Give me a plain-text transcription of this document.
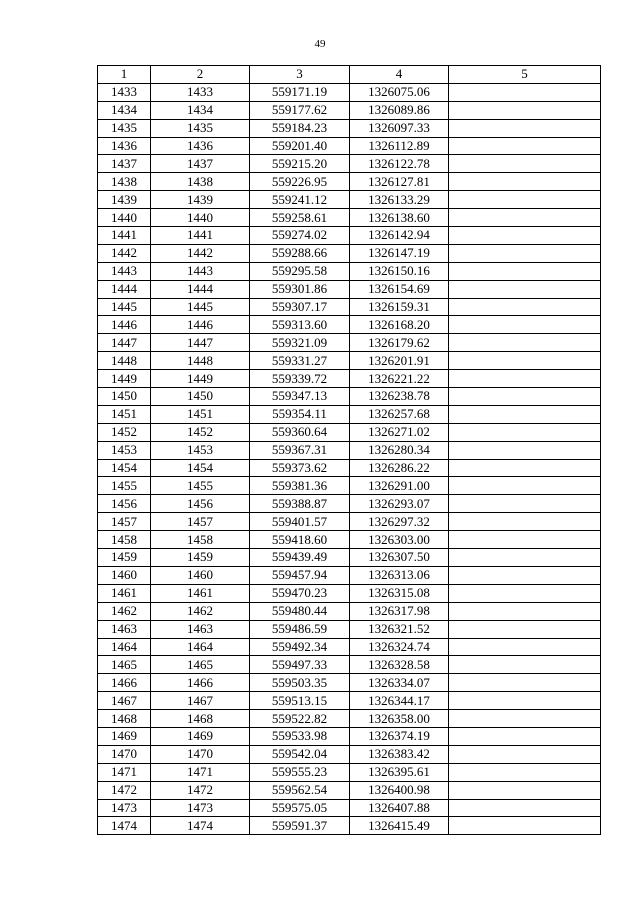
49
1	2	3	4	5
1433	1433	559171.19	1326075.06	
1434	1434	559177.62	1326089.86	
1435	1435	559184.23	1326097.33	
1436	1436	559201.40	1326112.89	
1437	1437	559215.20	1326122.78	
1438	1438	559226.95	1326127.81	
1439	1439	559241.12	1326133.29	
1440	1440	559258.61	1326138.60	
1441	1441	559274.02	1326142.94	
1442	1442	559288.66	1326147.19	
1443	1443	559295.58	1326150.16	
1444	1444	559301.86	1326154.69	
1445	1445	559307.17	1326159.31	
1446	1446	559313.60	1326168.20	
1447	1447	559321.09	1326179.62	
1448	1448	559331.27	1326201.91	
1449	1449	559339.72	1326221.22	
1450	1450	559347.13	1326238.78	
1451	1451	559354.11	1326257.68	
1452	1452	559360.64	1326271.02	
1453	1453	559367.31	1326280.34	
1454	1454	559373.62	1326286.22	
1455	1455	559381.36	1326291.00	
1456	1456	559388.87	1326293.07	
1457	1457	559401.57	1326297.32	
1458	1458	559418.60	1326303.00	
1459	1459	559439.49	1326307.50	
1460	1460	559457.94	1326313.06	
1461	1461	559470.23	1326315.08	
1462	1462	559480.44	1326317.98	
1463	1463	559486.59	1326321.52	
1464	1464	559492.34	1326324.74	
1465	1465	559497.33	1326328.58	
1466	1466	559503.35	1326334.07	
1467	1467	559513.15	1326344.17	
1468	1468	559522.82	1326358.00	
1469	1469	559533.98	1326374.19	
1470	1470	559542.04	1326383.42	
1471	1471	559555.23	1326395.61	
1472	1472	559562.54	1326400.98	
1473	1473	559575.05	1326407.88	
1474	1474	559591.37	1326415.49	
